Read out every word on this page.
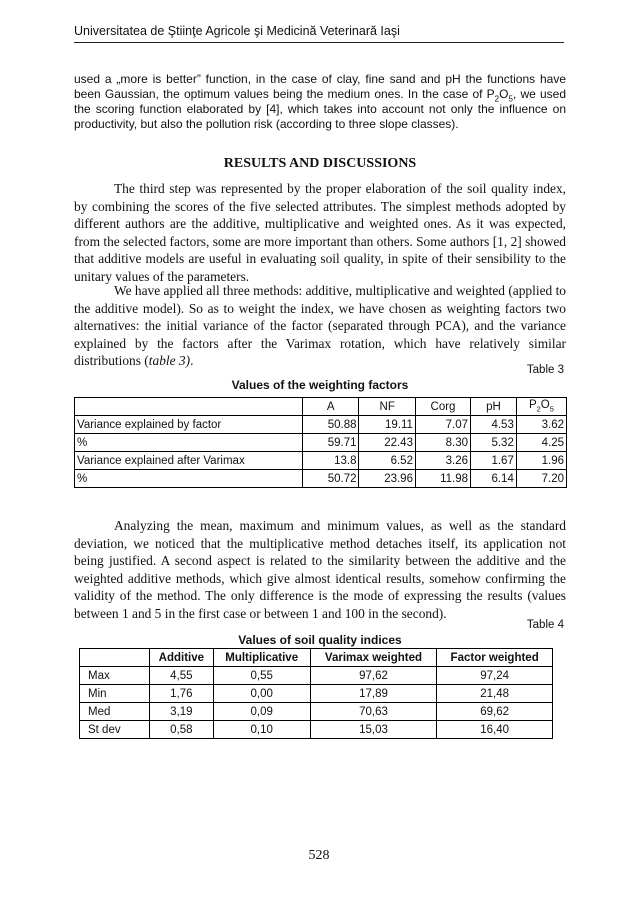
Universitatea de Ştiinţe Agricole şi Medicină Veterinară Iaşi
used a „more is better” function, in the case of clay, fine sand and pH the functions have been Gaussian, the optimum values being the medium ones. In the case of $P_2O_5$, we used the scoring function elaborated by [4], which takes into account not only the influence on productivity, but also the pollution risk (according to three slope classes).
RESULTS AND DISCUSSIONS

The third step was represented by the proper elaboration of the soil quality index, by combining the scores of the five selected attributes. The simplest methods adopted by different authors are the additive, multiplicative and weighted ones. As it was expected, from the selected factors, some are more important than others. Some authors [1, 2] showed that additive models are useful in evaluating soil quality, in spite of their sensibility to the unitary values of the parameters.

We have applied all three methods: additive, multiplicative and weighted (applied to the additive model). So as to weight the index, we have chosen as weighting factors two alternatives: the initial variance of the factor (separated through PCA), and the variance explained by the factors after the Varimax rotation, which have relatively similar distributions (table 3).

Table 3
Values of the weighting factors
	A	NF	Corg	pH	$P_2O_5$
Variance explained by factor	50.88	19.11	7.07	4.53	3.62
%	59.71	22.43	8.30	5.32	4.25
Variance explained after Varimax	13.8	6.52	3.26	1.67	1.96
%	50.72	23.96	11.98	6.14	7.20

Analyzing the mean, maximum and minimum values, as well as the standard deviation, we noticed that the multiplicative method detaches itself, its application not being justified. A second aspect is related to the similarity between the additive and the weighted additive methods, which give almost identical results, somehow confirming the validity of the method. The only difference is the mode of expressing the results (values between 1 and 5 in the first case or between 1 and 100 in the second).

Table 4
Values of soil quality indices
	Additive	Multiplicative	Varimax weighted	Factor weighted
Max	4,55	0,55	97,62	97,24
Min	1,76	0,00	17,89	21,48
Med	3,19	0,09	70,63	69,62
St dev	0,58	0,10	15,03	16,40
528
